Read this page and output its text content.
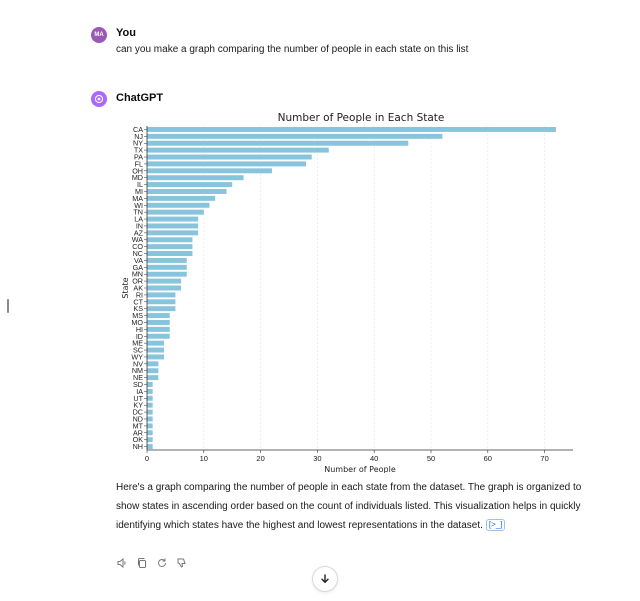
MA	You
can you make a graph comparing the number of people in each state on this list
ChatGPT
CA
NJ
NY
TX
PA
FL
OH
MD
IL
MI
MA
WI
TN
LA
IN
AZ
WA
CO
NC
VA
GA
MN
OR
AK
RI
CT
KS
MS
MO
HI
ID
ME
SC
WY
NV
NM
NE
SD
IA
UT
KY
DC
ND
MT
AR
OK
NH
0	10	20	30	40	50	60	70
Number of People in Each State
Number of People
State
Here's a graph comparing the number of people in each state from the dataset. The graph is organized to show states in ascending order based on the count of individuals listed. This visualization helps in quickly identifying which states have the highest and lowest representations in the dataset. [>_]
